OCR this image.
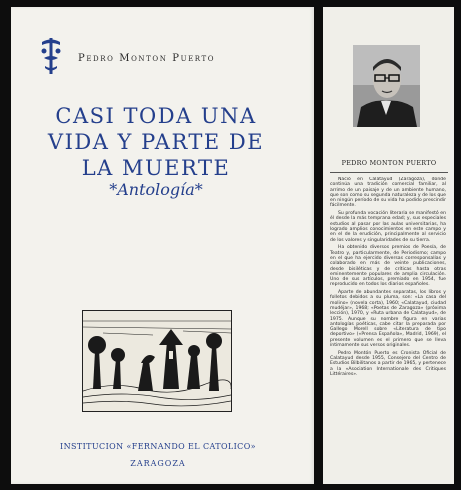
Pedro Monton Puerto
CASI TODA UNA
VIDA Y PARTE DE
LA MUERTE
*Antología*
INSTITUCION «FERNANDO EL CATOLICO»
ZARAGOZA
PEDRO MONTON PUERTO

Nació en Calatayud (Zaragoza), donde continúa una tradición comercial familiar, al arrimo de un paisaje y de un ambiente humano, que son como su segunda naturaleza y de los que en ningún período de su vida ha podido prescindir fácilmente.

Su profunda vocación literaria se manifestó en él desde la más temprana edad; y, sus especiales estudios al pasar por las aulas universitarias, ha logrado amplios conocimientos en este campo y en el de la erudición, principalmente al servicio de los valores y singularidades de su tierra.

Ha obtenido diversos premios de Poesía, de Teatro y, particularmente, de Periodismo; campo en el que ha ejercido diversas corresponsalías y colaborado en más de veinte publicaciones, desde bisiléticas y de críticas hasta otras eminentemente populares de amplia circulación. Uno de sus artículos, premiado en 1954, fue reproducido en todos los diarios españoles.

Aparte de abundantes separatas, los libros y folletos debidos a su pluma, son: «La casa del molino» (novela corta), 1960; «Calatayud, ciudad mudéjar», 1968; «Poetas de Zaragoza» (próxima lección), 1970, y «Ruta urbana de Calatayud», de 1975. Aunque su nombre figura en varias antologías poéticas, cabe citar la preparada por Gallego Morell sobre «Literatura de tipo deportivo» («Prensa Española», Madrid, 1969), el presente volumen es el primero que se lleva íntimamente sus versos originales.

Pedro Montón Puerto es Cronista Oficial de Calatayud desde 1955, Consejero del Centro de Estudios Bilbilitanos a partir de 1965, y pertenece a la «Asociation Internationale des Critiques Littéraires».
